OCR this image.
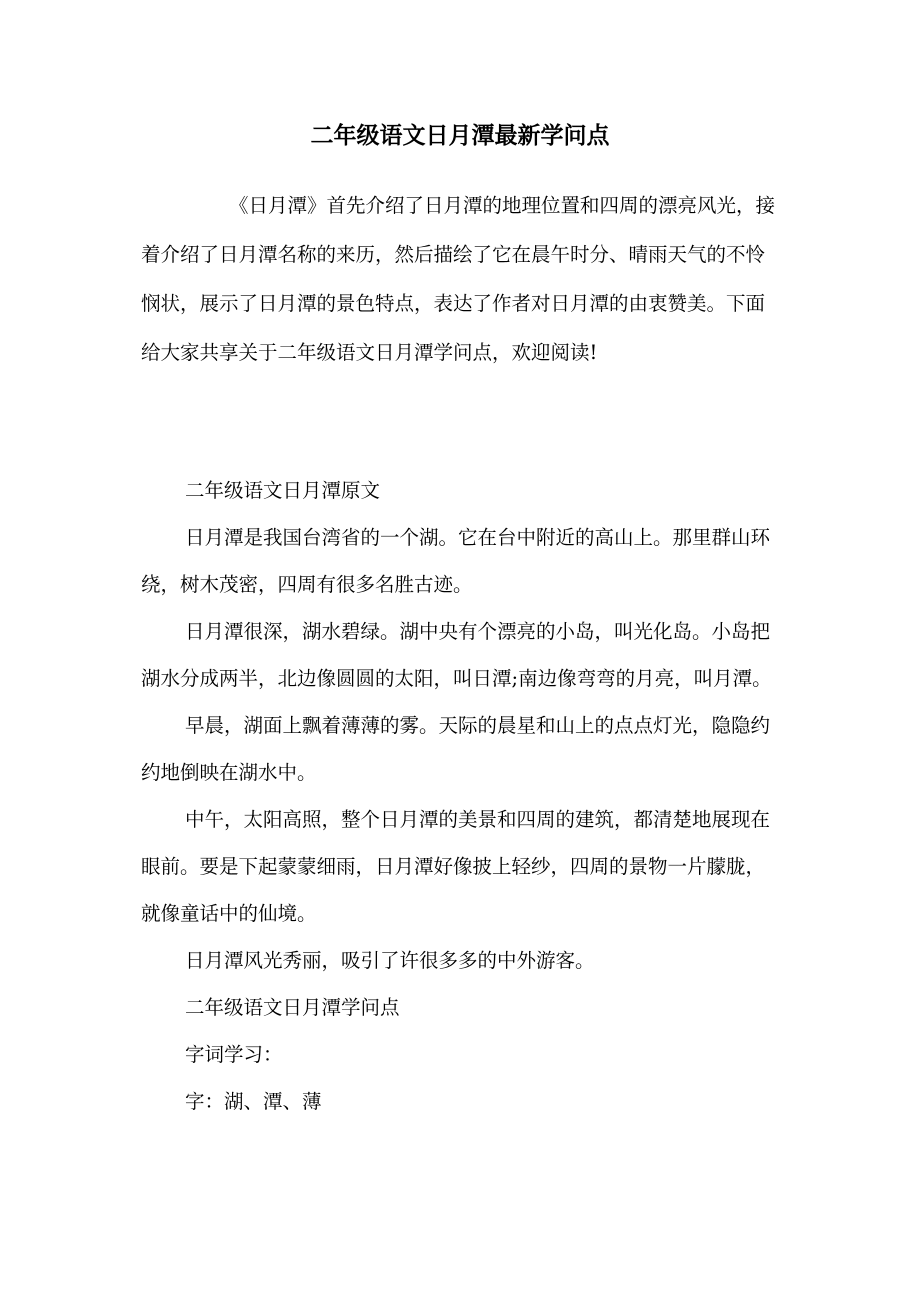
二年级语文日月潭最新学问点

《日月潭》首先介绍了日月潭的地理位置和四周的漂亮风光，接着介绍了日月潭名称的来历，然后描绘了它在晨午时分、晴雨天气的不怜悯状，展示了日月潭的景色特点，表达了作者对日月潭的由衷赞美。下面给大家共享关于二年级语文日月潭学问点，欢迎阅读!

二年级语文日月潭原文

日月潭是我国台湾省的一个湖。它在台中附近的高山上。那里群山环绕，树木茂密，四周有很多名胜古迹。

日月潭很深，湖水碧绿。湖中央有个漂亮的小岛，叫光化岛。小岛把湖水分成两半，北边像圆圆的太阳，叫日潭;南边像弯弯的月亮，叫月潭。

早晨，湖面上飘着薄薄的雾。天际的晨星和山上的点点灯光，隐隐约约地倒映在湖水中。

中午，太阳高照，整个日月潭的美景和四周的建筑，都清楚地展现在眼前。要是下起蒙蒙细雨，日月潭好像披上轻纱，四周的景物一片朦胧，就像童话中的仙境。

日月潭风光秀丽，吸引了许很多多的中外游客。

二年级语文日月潭学问点

字词学习：

字：湖、潭、薄
